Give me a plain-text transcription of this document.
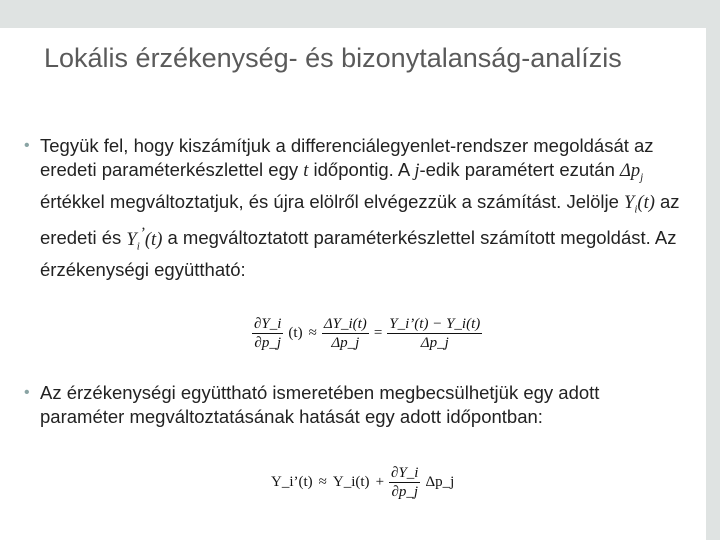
Lokális érzékenység- és bizonytalanság-analízis
• Tegyük fel, hogy kiszámítjuk a differenciálegyenlet-rendszer megoldását az eredeti paraméterkészlettel egy t időpontig. A j-edik paramétert ezután $\Delta p_j$ értékkel megváltoztatjuk, és újra elölről elvégezzük a számítást. Jelölje $Y_i(t)$ az eredeti és $Y_i^’(t)$ a megváltoztatott paraméterkészlettel számított megoldást. Az érzékenységi együttható:
$\frac{\partial Y\_i}{\partial p\_j} (t) \approx \frac{\Delta Y\_i(t)}{\Delta p\_j} = \frac{Y\_i’(t) - Y\_i(t)}{\Delta p\_j}$
• Az érzékenységi együttható ismeretében megbecsülhetjük egy adott paraméter megváltoztatásának hatását egy adott időpontban:
Y_i’(t) ≈ Y_i(t) + $\frac{\partial Y\_i}{\partial p\_j}$ Δp_j
